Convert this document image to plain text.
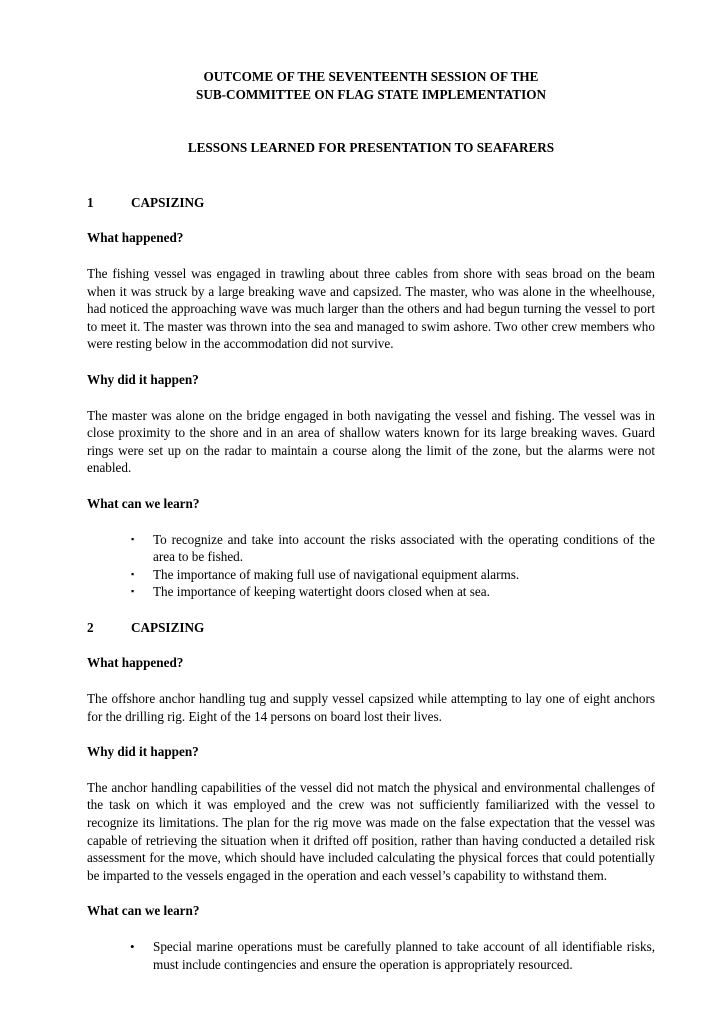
OUTCOME OF THE SEVENTEENTH SESSION OF THE

SUB-COMMITTEE ON FLAG STATE IMPLEMENTATION

LESSONS LEARNED FOR PRESENTATION TO SEAFARERS

1	CAPSIZING

What happened?

The fishing vessel was engaged in trawling about three cables from shore with seas broad on the beam when it was struck by a large breaking wave and capsized. The master, who was alone in the wheelhouse, had noticed the approaching wave was much larger than the others and had begun turning the vessel to port to meet it. The master was thrown into the sea and managed to swim ashore. Two other crew members who were resting below in the accommodation did not survive.

Why did it happen?

The master was alone on the bridge engaged in both navigating the vessel and fishing. The vessel was in close proximity to the shore and in an area of shallow waters known for its large breaking waves. Guard rings were set up on the radar to maintain a course along the limit of the zone, but the alarms were not enabled.

What can we learn?

▪ To recognize and take into account the risks associated with the operating conditions of the area to be fished.
▪ The importance of making full use of navigational equipment alarms.
▪ The importance of keeping watertight doors closed when at sea.
2	CAPSIZING

What happened?

The offshore anchor handling tug and supply vessel capsized while attempting to lay one of eight anchors for the drilling rig. Eight of the 14 persons on board lost their lives.

Why did it happen?

The anchor handling capabilities of the vessel did not match the physical and environmental challenges of the task on which it was employed and the crew was not sufficiently familiarized with the vessel to recognize its limitations. The plan for the rig move was made on the false expectation that the vessel was capable of retrieving the situation when it drifted off position, rather than having conducted a detailed risk assessment for the move, which should have included calculating the physical forces that could potentially be imparted to the vessels engaged in the operation and each vessel’s capability to withstand them.

What can we learn?

• Special marine operations must be carefully planned to take account of all identifiable risks, must include contingencies and ensure the operation is appropriately resourced.
